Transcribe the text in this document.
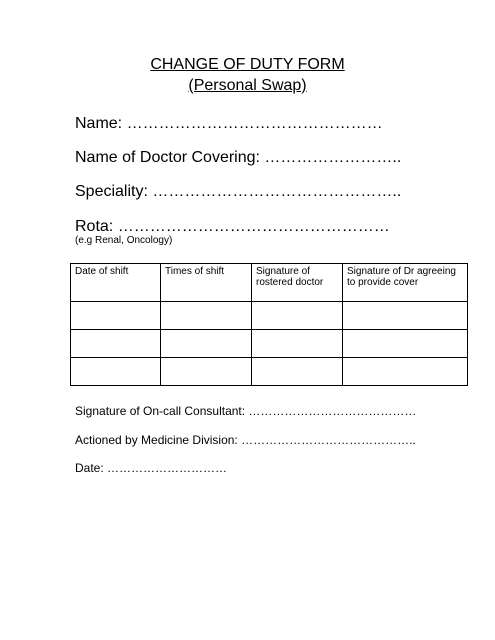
CHANGE OF DUTY FORM
(Personal Swap)
Name: …………………………………………
Name of Doctor Covering: ……………………..
Speciality: ………………………………………..
Rota: ……………………………………………
(e.g Renal, Oncology)
Date of shift	Times of shift	Signature of rostered doctor	Signature of Dr agreeing to provide cover

Signature of On-call Consultant: ……………………………………
Actioned by Medicine Division: ……………………………………..
Date: …………………………
